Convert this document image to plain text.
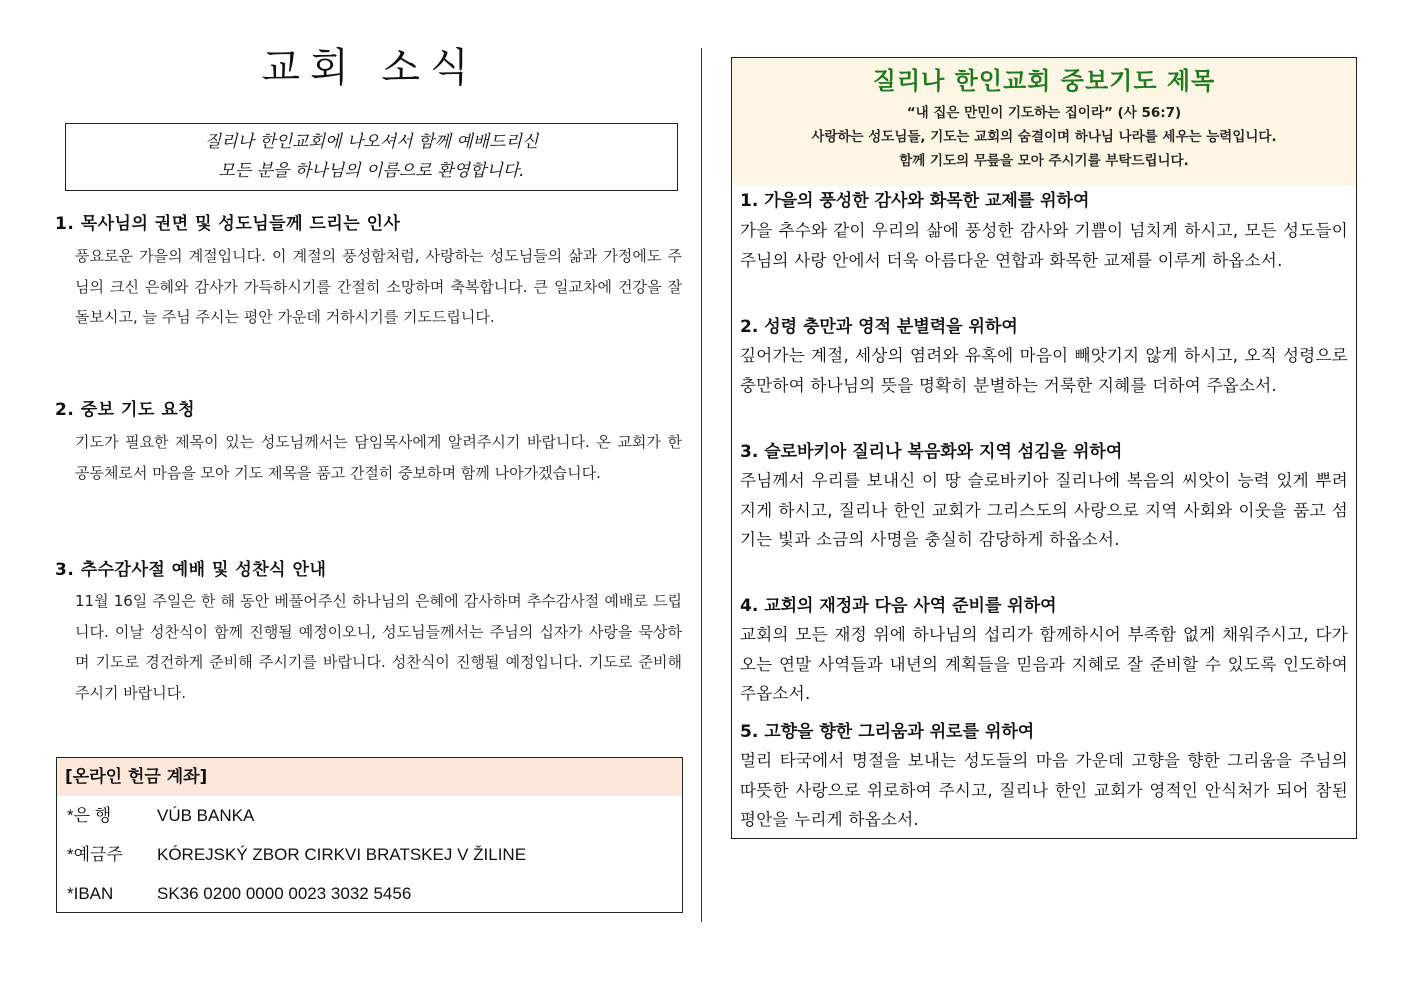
교회 소식
질리나 한인교회에 나오셔서 함께 예배드리신
모든 분을 하나님의 이름으로 환영합니다.
1. 목사님의 권면 및 성도님들께 드리는 인사
풍요로운 가을의 계절입니다. 이 계절의 풍성함처럼, 사랑하는 성도님들의 삶과 가정에도 주님의 크신 은혜와 감사가 가득하시기를 간절히 소망하며 축복합니다. 큰 일교차에 건강을 잘 돌보시고, 늘 주님 주시는 평안 가운데 거하시기를 기도드립니다.
2. 중보 기도 요청
기도가 필요한 제목이 있는 성도님께서는 담임목사에게 알려주시기 바랍니다. 온 교회가 한 공동체로서 마음을 모아 기도 제목을 품고 간절히 중보하며 함께 나아가겠습니다.
3. 추수감사절 예배 및 성찬식 안내
11월 16일 주일은 한 해 동안 베풀어주신 하나님의 은혜에 감사하며 추수감사절 예배로 드립니다. 이날 성찬식이 함께 진행될 예정이오니, 성도님들께서는 주님의 십자가 사랑을 묵상하며 기도로 경건하게 준비해 주시기를 바랍니다. 성찬식이 진행될 예정입니다. 기도로 준비해 주시기 바랍니다.
[온라인 헌금 계좌]
*은 행	VÚB BANKA
*예금주 KÓREJSKÝ ZBOR CIRKVI BRATSKEJ V ŽILINE
*IBAN	SK36 0200 0000 0023 3032 5456
질리나 한인교회 중보기도 제목
“내 집은 만민이 기도하는 집이라” (사 56:7)
사랑하는 성도님들, 기도는 교회의 숨결이며 하나님 나라를 세우는 능력입니다.
함께 기도의 무릎을 모아 주시기를 부탁드립니다.
1. 가을의 풍성한 감사와 화목한 교제를 위하여
가을 추수와 같이 우리의 삶에 풍성한 감사와 기쁨이 넘치게 하시고, 모든 성도들이 주님의 사랑 안에서 더욱 아름다운 연합과 화목한 교제를 이루게 하옵소서.
2. 성령 충만과 영적 분별력을 위하여
깊어가는 계절, 세상의 염려와 유혹에 마음이 빼앗기지 않게 하시고, 오직 성령으로 충만하여 하나님의 뜻을 명확히 분별하는 거룩한 지혜를 더하여 주옵소서.
3. 슬로바키아 질리나 복음화와 지역 섬김을 위하여
주님께서 우리를 보내신 이 땅 슬로바키아 질리나에 복음의 씨앗이 능력 있게 뿌려지게 하시고, 질리나 한인 교회가 그리스도의 사랑으로 지역 사회와 이웃을 품고 섬기는 빛과 소금의 사명을 충실히 감당하게 하옵소서.
4. 교회의 재정과 다음 사역 준비를 위하여
교회의 모든 재정 위에 하나님의 섭리가 함께하시어 부족함 없게 채워주시고, 다가오는 연말 사역들과 내년의 계획들을 믿음과 지혜로 잘 준비할 수 있도록 인도하여 주옵소서.
5. 고향을 향한 그리움과 위로를 위하여
멀리 타국에서 명절을 보내는 성도들의 마음 가운데 고향을 향한 그리움을 주님의 따뜻한 사랑으로 위로하여 주시고, 질리나 한인 교회가 영적인 안식처가 되어 참된 평안을 누리게 하옵소서.
